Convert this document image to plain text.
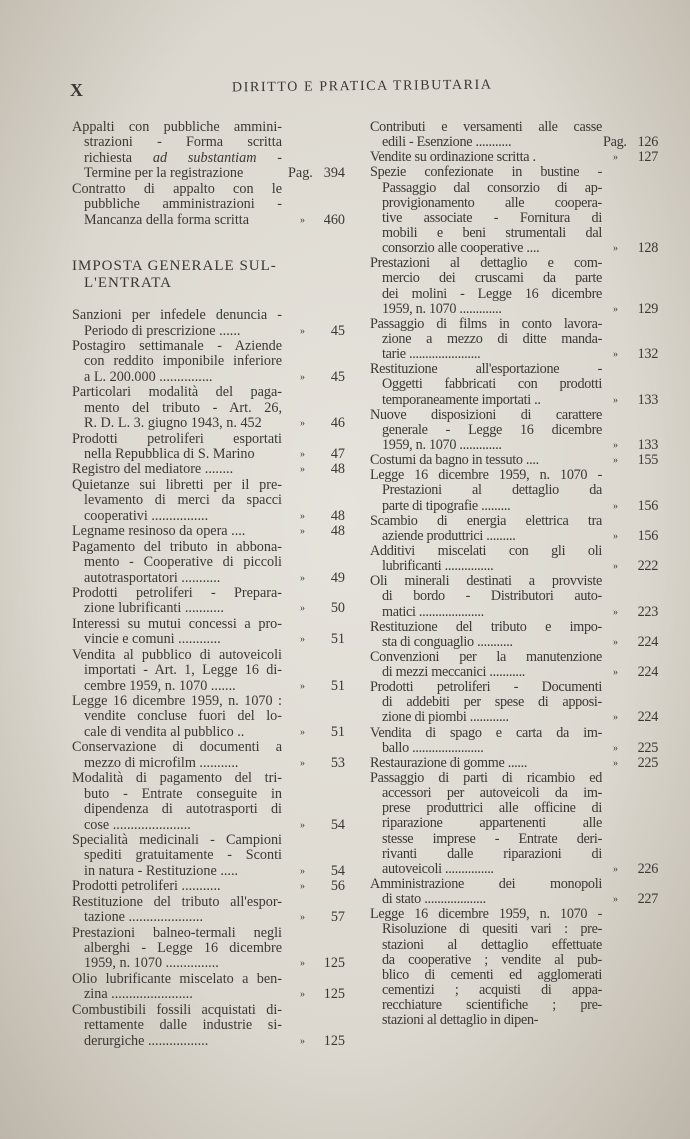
X	DIRITTO E PRATICA TRIBUTARIA
Appalti con pubbliche ammini-
strazioni - Forma scritta
richiesta ad substantiam -
Termine per la registrazione	Pag. 394
Contratto di appalto con le
pubbliche amministrazioni -
Mancanza della forma scritta	»	460
IMPOSTA GENERALE SUL-
L'ENTRATA
Sanzioni per infedele denuncia -
Periodo di prescrizione ......	»	45
Postagiro settimanale - Aziende
con reddito imponibile inferiore
a L. 200.000 ...............	»	45
Particolari modalità del paga-
mento del tributo - Art. 26,
R. D. L. 3. giugno 1943, n. 452	»	46
Prodotti petroliferi esportati
nella Repubblica di S. Marino	»	47
Registro del mediatore ........	»	48
Quietanze sui libretti per il pre-
levamento di merci da spacci
cooperativi ................	»	48
Legname resinoso da opera ....	»	48
Pagamento del tributo in abbona-
mento - Cooperative di piccoli
autotrasportatori ...........	»	49
Prodotti petroliferi - Prepara-
zione lubrificanti ...........	»	50
Interessi su mutui concessi a pro-
vincie e comuni ............	»	51
Vendita al pubblico di autoveicoli
importati - Art. 1, Legge 16 di-
cembre 1959, n. 1070 .......	»	51
Legge 16 dicembre 1959, n. 1070 :
vendite concluse fuori del lo-
cale di vendita al pubblico ..	»	51
Conservazione di documenti a
mezzo di microfilm ...........	»	53
Modalità di pagamento del tri-
buto - Entrate conseguite in
dipendenza di autotrasporti di
cose ......................	»	54
Specialità medicinali - Campioni
spediti gratuitamente - Sconti
in natura - Restituzione .....	»	54
Prodotti petroliferi ...........	»	56
Restituzione del tributo all'espor-
tazione .....................	»	57
Prestazioni balneo-termali negli
alberghi - Legge 16 dicembre
1959, n. 1070 ...............	»	125
Olio lubrificante miscelato a ben-
zina .......................	»	125
Combustibili fossili acquistati di-
rettamente dalle industrie si-
derurgiche .................	»	125
Contributi e versamenti alle casse
edili - Esenzione ...........	Pag. 126
Vendite su ordinazione scritta .	»	127
Spezie confezionate in bustine -
Passaggio dal consorzio di ap-
provigionamento alle coopera-
tive associate - Fornitura di
mobili e beni strumentali dal
consorzio alle cooperative ....	»	128
Prestazioni al dettaglio e com-
mercio dei cruscami da parte
dei molini - Legge 16 dicembre
1959, n. 1070 .............	»	129
Passaggio di films in conto lavora-
zione a mezzo di ditte manda-
tarie ......................	»	132
Restituzione all'esportazione -
Oggetti fabbricati con prodotti
temporaneamente importati ..	»	133
Nuove disposizioni di carattere
generale - Legge 16 dicembre
1959, n. 1070 .............	»	133
Costumi da bagno in tessuto ....	»	155
Legge 16 dicembre 1959, n. 1070 -
Prestazioni al dettaglio da
parte di tipografie .........	»	156
Scambio di energia elettrica tra
aziende produttrici .........	»	156
Additivi miscelati con gli oli
lubrificanti ...............	»	222
Oli minerali destinati a provviste
di bordo - Distributori auto-
matici ....................	»	223
Restituzione del tributo e impo-
sta di conguaglio ...........	»	224
Convenzioni per la manutenzione
di mezzi meccanici ...........	»	224
Prodotti petroliferi - Documenti
di addebiti per spese di apposi-
zione di piombi ............	»	224
Vendita di spago e carta da im-
ballo ......................	»	225
Restaurazione di gomme ......	»	225
Passaggio di parti di ricambio ed
accessori per autoveicoli da im-
prese produttrici alle officine di
riparazione appartenenti alle
stesse imprese - Entrate deri-
rivanti dalle riparazioni di
autoveicoli ...............	»	226
Amministrazione dei monopoli
di stato ...................	»	227
Legge 16 dicembre 1959, n. 1070 -
Risoluzione di quesiti vari : pre-
stazioni al dettaglio effettuate
da cooperative ; vendite al pub-
blico di cementi ed agglomerati
cementizi ; acquisti di appa-
recchiature scientifiche ; pre-
stazioni al dettaglio in dipen-
